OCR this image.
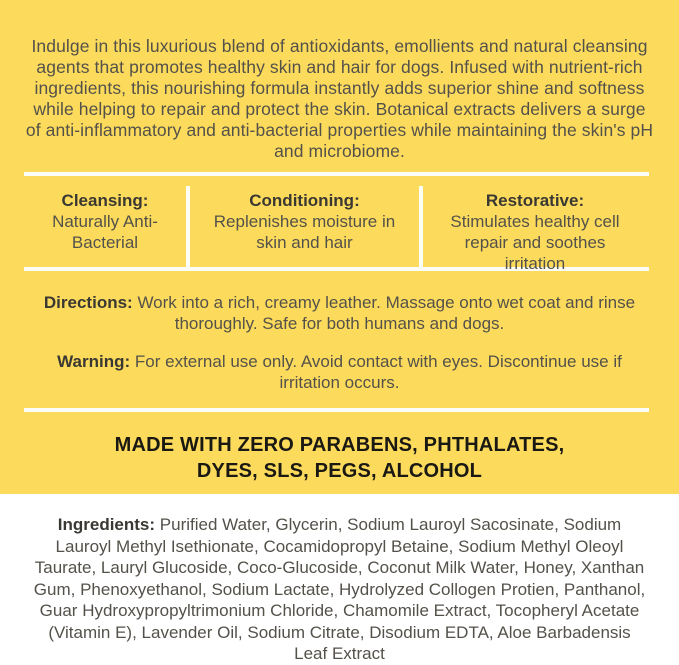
Indulge in this luxurious blend of antioxidants, emollients and natural cleansing agents that promotes healthy skin and hair for dogs. Infused with nutrient-rich ingredients, this nourishing formula instantly adds superior shine and softness while helping to repair and protect the skin. Botanical extracts delivers a surge of anti-inflammatory and anti-bacterial properties while maintaining the skin's pH and microbiome.

Cleansing:
Naturally Anti-Bacterial
Conditioning:
Replenishes moisture in skin and hair
Restorative:
Stimulates healthy cell repair and soothes irritation

Directions: Work into a rich, creamy leather. Massage onto wet coat and rinse thoroughly. Safe for both humans and dogs.

Warning: For external use only. Avoid contact with eyes. Discontinue use if irritation occurs.

MADE WITH ZERO PARABENS, PHTHALATES,
DYES, SLS, PEGS, ALCOHOL

Ingredients: Purified Water, Glycerin, Sodium Lauroyl Sacosinate, Sodium Lauroyl Methyl Isethionate, Cocamidopropyl Betaine, Sodium Methyl Oleoyl Taurate, Lauryl Glucoside, Coco-Glucoside, Coconut Milk Water, Honey, Xanthan Gum, Phenoxyethanol, Sodium Lactate, Hydrolyzed Collogen Protien, Panthanol, Guar Hydroxypropyltrimonium Chloride, Chamomile Extract, Tocopheryl Acetate (Vitamin E), Lavender Oil, Sodium Citrate, Disodium EDTA, Aloe Barbadensis Leaf Extract
